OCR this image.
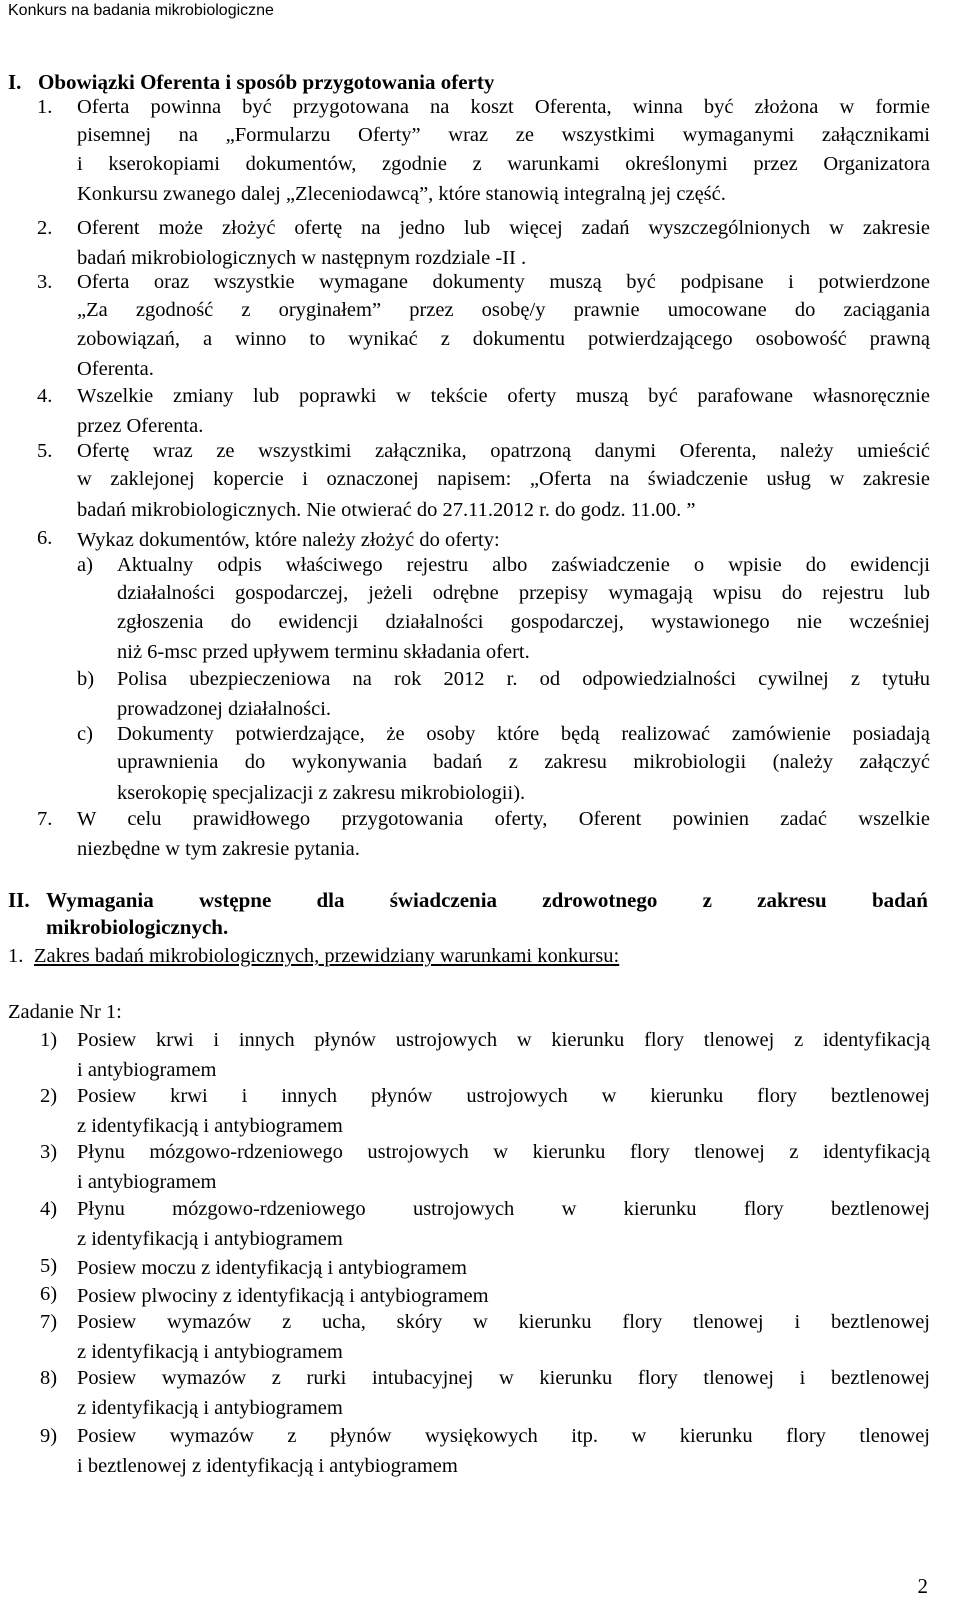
Konkurs na badania mikrobiologiczne
I. Obowiązki Oferenta i sposób przygotowania oferty
1. Oferta powinna być przygotowana na koszt Oferenta, winna być złożona w formie
pisemnej na „Formularzu Oferty” wraz ze wszystkimi wymaganymi załącznikami
i kserokopiami dokumentów, zgodnie z warunkami określonymi przez Organizatora
Konkursu zwanego dalej „Zleceniodawcą”, które stanowią integralną jej część.
2. Oferent może złożyć ofertę na jedno lub więcej zadań wyszczególnionych w zakresie
badań mikrobiologicznych w następnym rozdziale -II .
3. Oferta oraz wszystkie wymagane dokumenty muszą być podpisane i potwierdzone
„Za zgodność z oryginałem” przez osobę/y prawnie umocowane do zaciągania
zobowiązań, a winno to wynikać z dokumentu potwierdzającego osobowość prawną
Oferenta.
4. Wszelkie zmiany lub poprawki w tekście oferty muszą być parafowane własnoręcznie
przez Oferenta.
5. Ofertę wraz ze wszystkimi załącznika, opatrzoną danymi Oferenta, należy umieścić
w zaklejonej kopercie i oznaczonej napisem: „Oferta na świadczenie usług w zakresie
badań mikrobiologicznych. Nie otwierać do 27.11.2012 r. do godz. 11.00. ”
6. Wykaz dokumentów, które należy złożyć do oferty:
a) Aktualny odpis właściwego rejestru albo zaświadczenie o wpisie do ewidencji
działalności gospodarczej, jeżeli odrębne przepisy wymagają wpisu do rejestru lub
zgłoszenia do ewidencji działalności gospodarczej, wystawionego nie wcześniej
niż 6-msc przed upływem terminu składania ofert.
b) Polisa ubezpieczeniowa na rok 2012 r. od odpowiedzialności cywilnej z tytułu
prowadzonej działalności.
c) Dokumenty potwierdzające, że osoby które będą realizować zamówienie posiadają
uprawnienia do wykonywania badań z zakresu mikrobiologii (należy załączyć
kserokopię specjalizacji z zakresu mikrobiologii).
7. W celu prawidłowego przygotowania oferty, Oferent powinien zadać wszelkie
niezbędne w tym zakresie pytania.
II. Wymagania wstępne dla świadczenia zdrowotnego z zakresu badań
mikrobiologicznych.
1. Zakres badań mikrobiologicznych, przewidziany warunkami konkursu:
Zadanie Nr 1:
1) Posiew krwi i innych płynów ustrojowych w kierunku flory tlenowej z identyfikacją
i antybiogramem
2) Posiew krwi i innych płynów ustrojowych w kierunku flory beztlenowej
z identyfikacją i antybiogramem
3) Płynu mózgowo-rdzeniowego ustrojowych w kierunku flory tlenowej z identyfikacją
i antybiogramem
4) Płynu mózgowo-rdzeniowego ustrojowych w kierunku flory beztlenowej
z identyfikacją i antybiogramem
5) Posiew moczu z identyfikacją i antybiogramem
6) Posiew plwociny z identyfikacją i antybiogramem
7) Posiew wymazów z ucha, skóry w kierunku flory tlenowej i beztlenowej
z identyfikacją i antybiogramem
8) Posiew wymazów z rurki intubacyjnej w kierunku flory tlenowej i beztlenowej
z identyfikacją i antybiogramem
9) Posiew wymazów z płynów wysiękowych itp. w kierunku flory tlenowej
i beztlenowej z identyfikacją i antybiogramem
2
